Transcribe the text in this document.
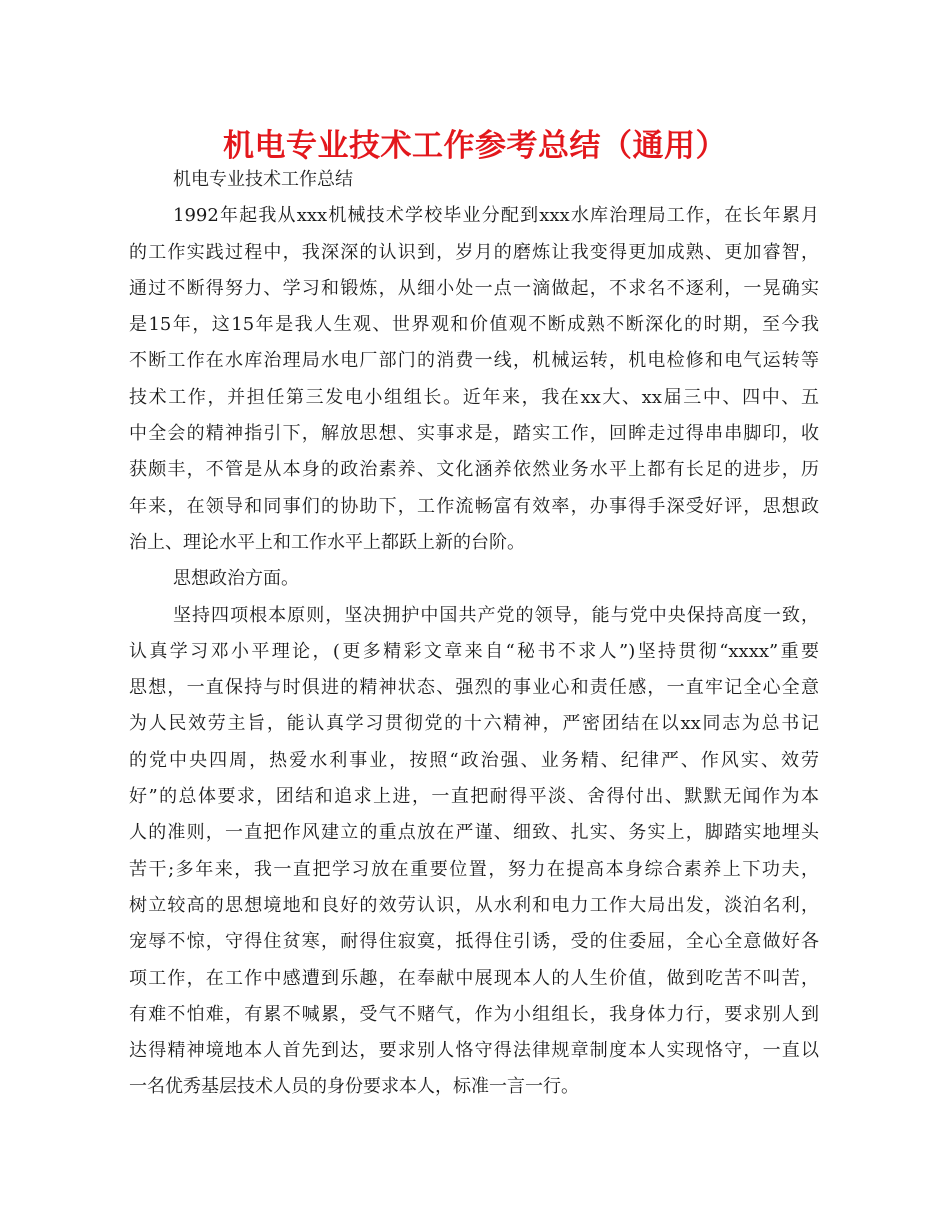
机电专业技术工作参考总结（通用）
机电专业技术工作总结
1992年起我从xxx机械技术学校毕业分配到xxx水库治理局工作，在长年累月
的工作实践过程中，我深深的认识到，岁月的磨炼让我变得更加成熟、更加睿智，
通过不断得努力、学习和锻炼，从细小处一点一滴做起，不求名不逐利，一晃确实
是15年，这15年是我人生观、世界观和价值观不断成熟不断深化的时期，至今我
不断工作在水库治理局水电厂部门的消费一线，机械运转，机电检修和电气运转等
技术工作，并担任第三发电小组组长。近年来，我在xx大、xx届三中、四中、五
中全会的精神指引下，解放思想、实事求是，踏实工作，回眸走过得串串脚印，收
获颇丰，不管是从本身的政治素养、文化涵养依然业务水平上都有长足的进步，历
年来，在领导和同事们的协助下，工作流畅富有效率，办事得手深受好评，思想政
治上、理论水平上和工作水平上都跃上新的台阶。
思想政治方面。
坚持四项根本原则，坚决拥护中国共产党的领导，能与党中央保持高度一致，
认真学习邓小平理论，(更多精彩文章来自“秘书不求人”)坚持贯彻“xxxx”重要
思想，一直保持与时俱进的精神状态、强烈的事业心和责任感，一直牢记全心全意
为人民效劳主旨，能认真学习贯彻党的十六精神，严密团结在以xx同志为总书记
的党中央四周，热爱水利事业，按照“政治强、业务精、纪律严、作风实、效劳
好”的总体要求，团结和追求上进，一直把耐得平淡、舍得付出、默默无闻作为本
人的准则，一直把作风建立的重点放在严谨、细致、扎实、务实上，脚踏实地埋头
苦干;多年来，我一直把学习放在重要位置，努力在提高本身综合素养上下功夫，
树立较高的思想境地和良好的效劳认识，从水利和电力工作大局出发，淡泊名利，
宠辱不惊，守得住贫寒，耐得住寂寞，抵得住引诱，受的住委屈，全心全意做好各
项工作，在工作中感遭到乐趣，在奉献中展现本人的人生价值，做到吃苦不叫苦，
有难不怕难，有累不喊累，受气不赌气，作为小组组长，我身体力行，要求别人到
达得精神境地本人首先到达，要求别人恪守得法律规章制度本人实现恪守，一直以
一名优秀基层技术人员的身份要求本人，标准一言一行。
